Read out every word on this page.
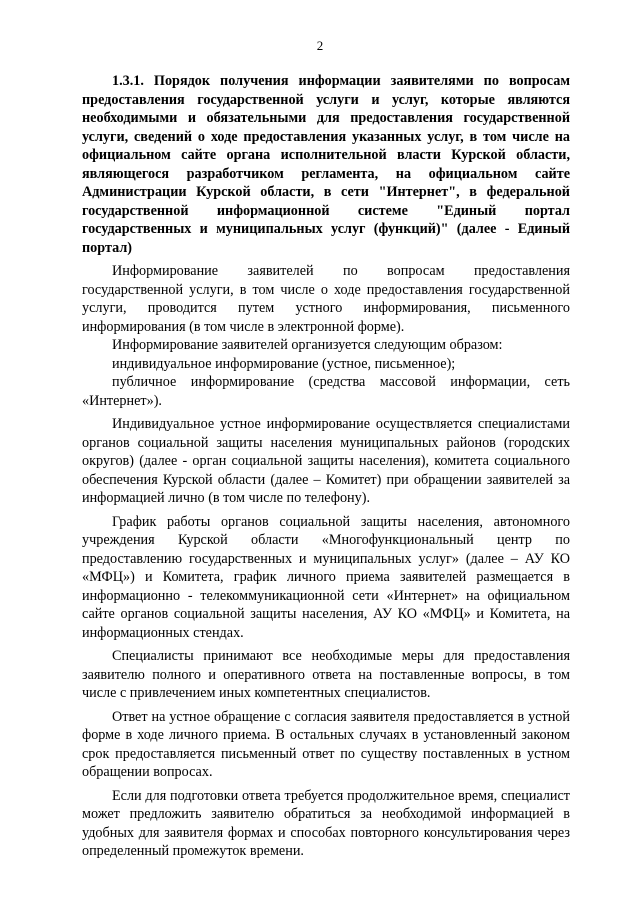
2

1.3.1. Порядок получения информации заявителями по вопросам предоставления государственной услуги и услуг, которые являются необходимыми и обязательными для предоставления государственной услуги, сведений о ходе предоставления указанных услуг, в том числе на официальном сайте органа исполнительной власти Курской области, являющегося разработчиком регламента, на официальном сайте Администрации Курской области, в сети "Интернет", в федеральной государственной информационной системе "Единый портал государственных и муниципальных услуг (функций)" (далее - Единый портал)

Информирование заявителей по вопросам предоставления государственной услуги, в том числе о ходе предоставления государственной услуги, проводится путем устного информирования, письменного информирования (в том числе в электронной форме).

Информирование заявителей организуется следующим образом:

индивидуальное информирование (устное, письменное);

публичное информирование (средства массовой информации, сеть «Интернет»).

Индивидуальное устное информирование осуществляется специалистами органов социальной защиты населения муниципальных районов (городских округов) (далее - орган социальной защиты населения), комитета социального обеспечения Курской области (далее – Комитет) при обращении заявителей за информацией лично (в том числе по телефону).

График работы органов социальной защиты населения, автономного учреждения Курской области «Многофункциональный центр по предоставлению государственных и муниципальных услуг» (далее – АУ КО «МФЦ») и Комитета, график личного приема заявителей размещается в информационно - телекоммуникационной сети «Интернет» на официальном сайте органов социальной защиты населения, АУ КО «МФЦ» и Комитета, на информационных стендах.

Специалисты принимают все необходимые меры для предоставления заявителю полного и оперативного ответа на поставленные вопросы, в том числе с привлечением иных компетентных специалистов.

Ответ на устное обращение с согласия заявителя предоставляется в устной форме в ходе личного приема. В остальных случаях в установленный законом срок предоставляется письменный ответ по существу поставленных в устном обращении вопросах.

Если для подготовки ответа требуется продолжительное время, специалист может предложить заявителю обратиться за необходимой информацией в удобных для заявителя формах и способах повторного консультирования через определенный промежуток времени.
